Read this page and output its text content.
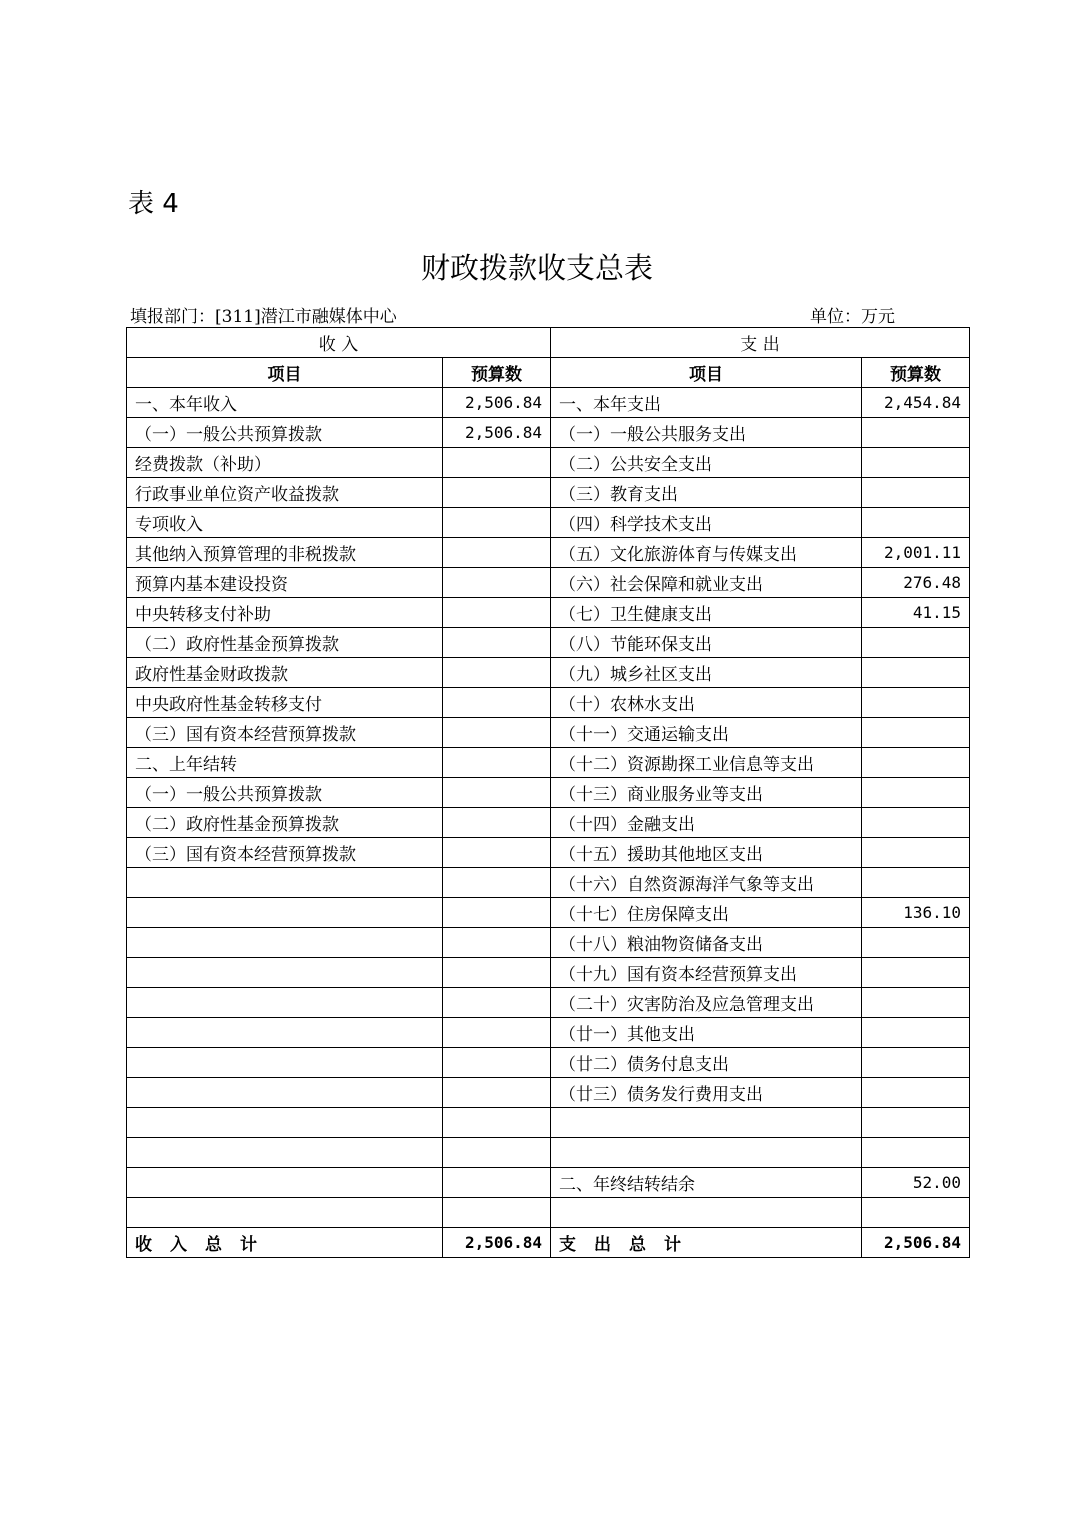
表 4
财政拨款收支总表
填报部门：[311]潜江市融媒体中心	单位：万元
收 入		支 出	
项目	预算数	项目	预算数
一、本年收入	2,506.84	一、本年支出	2,454.84
（一）一般公共预算拨款	2,506.84	（一）一般公共服务支出	
经费拨款（补助）		（二）公共安全支出	
行政事业单位资产收益拨款		（三）教育支出	
专项收入		（四）科学技术支出	
其他纳入预算管理的非税拨款		（五）文化旅游体育与传媒支出	2,001.11
预算内基本建设投资		（六）社会保障和就业支出	276.48
中央转移支付补助		（七）卫生健康支出	41.15
（二）政府性基金预算拨款		（八）节能环保支出	
政府性基金财政拨款		（九）城乡社区支出	
中央政府性基金转移支付		（十）农林水支出	
（三）国有资本经营预算拨款		（十一）交通运输支出	
二、上年结转		（十二）资源勘探工业信息等支出	
（一）一般公共预算拨款		（十三）商业服务业等支出	
（二）政府性基金预算拨款		（十四）金融支出	
（三）国有资本经营预算拨款		（十五）援助其他地区支出	
		（十六）自然资源海洋气象等支出	
		（十七）住房保障支出	136.10
		（十八）粮油物资储备支出	
		（十九）国有资本经营预算支出	
		（二十）灾害防治及应急管理支出	
		（廿一）其他支出	
		（廿二）债务付息支出	
		（廿三）债务发行费用支出	

		二、年终结转结余	52.00

收入总计	2,506.84	支出总计	2,506.84
